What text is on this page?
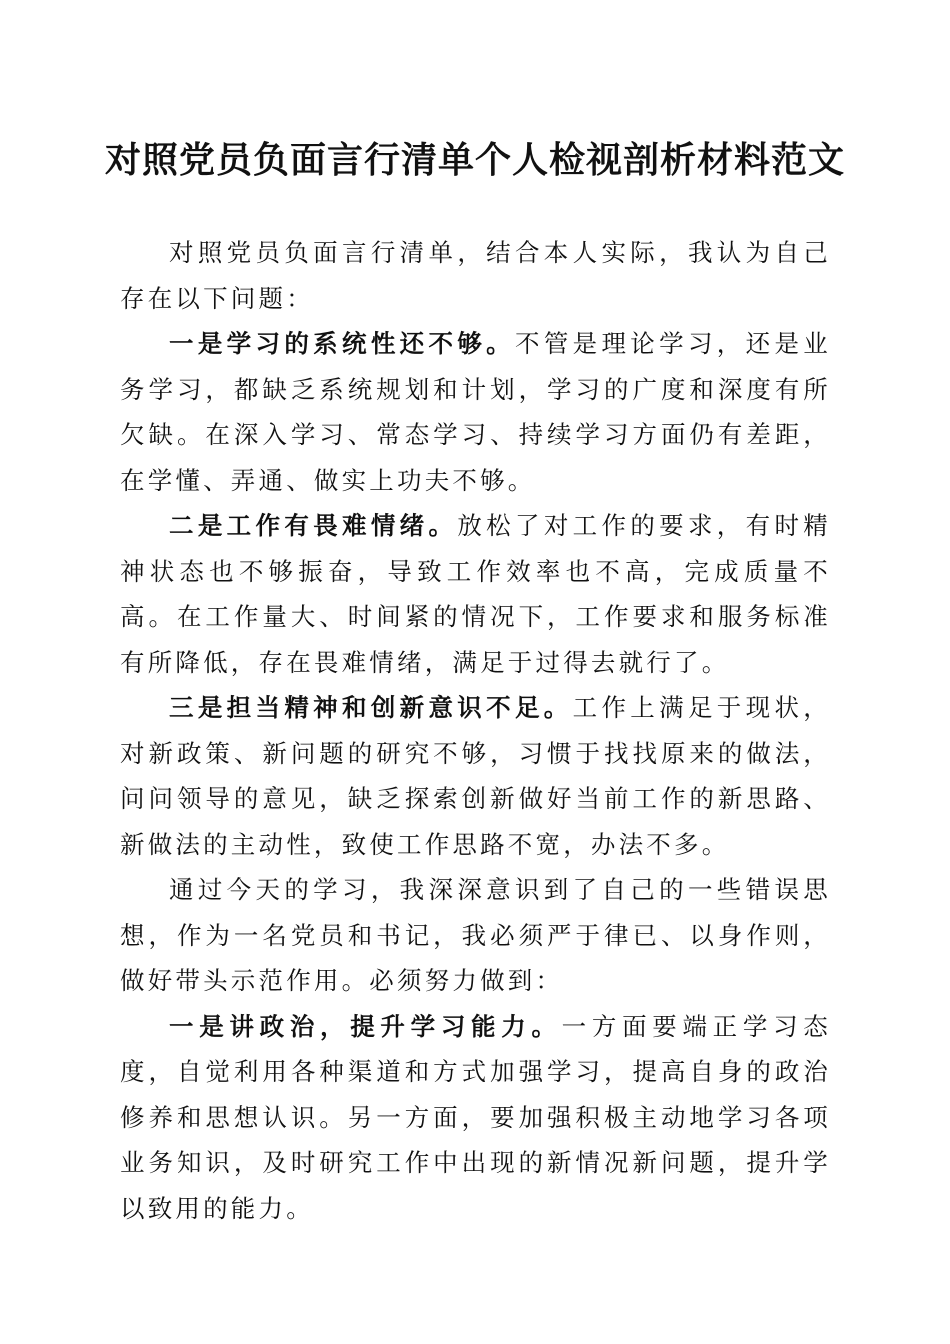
对照党员负面言行清单个人检视剖析材料范文

对照党员负面言行清单，结合本人实际，我认为自己存在以下问题：

一是学习的系统性还不够。不管是理论学习，还是业务学习，都缺乏系统规划和计划，学习的广度和深度有所欠缺。在深入学习、常态学习、持续学习方面仍有差距，在学懂、弄通、做实上功夫不够。

二是工作有畏难情绪。放松了对工作的要求，有时精神状态也不够振奋，导致工作效率也不高，完成质量不高。在工作量大、时间紧的情况下，工作要求和服务标准有所降低，存在畏难情绪，满足于过得去就行了。

三是担当精神和创新意识不足。工作上满足于现状，对新政策、新问题的研究不够，习惯于找找原来的做法，问问领导的意见，缺乏探索创新做好当前工作的新思路、新做法的主动性，致使工作思路不宽，办法不多。

通过今天的学习，我深深意识到了自己的一些错误思想，作为一名党员和书记，我必须严于律已、以身作则，做好带头示范作用。必须努力做到：

一是讲政治，提升学习能力。一方面要端正学习态度，自觉利用各种渠道和方式加强学习，提高自身的政治修养和思想认识。另一方面，要加强积极主动地学习各项业务知识，及时研究工作中出现的新情况新问题，提升学以致用的能力。
